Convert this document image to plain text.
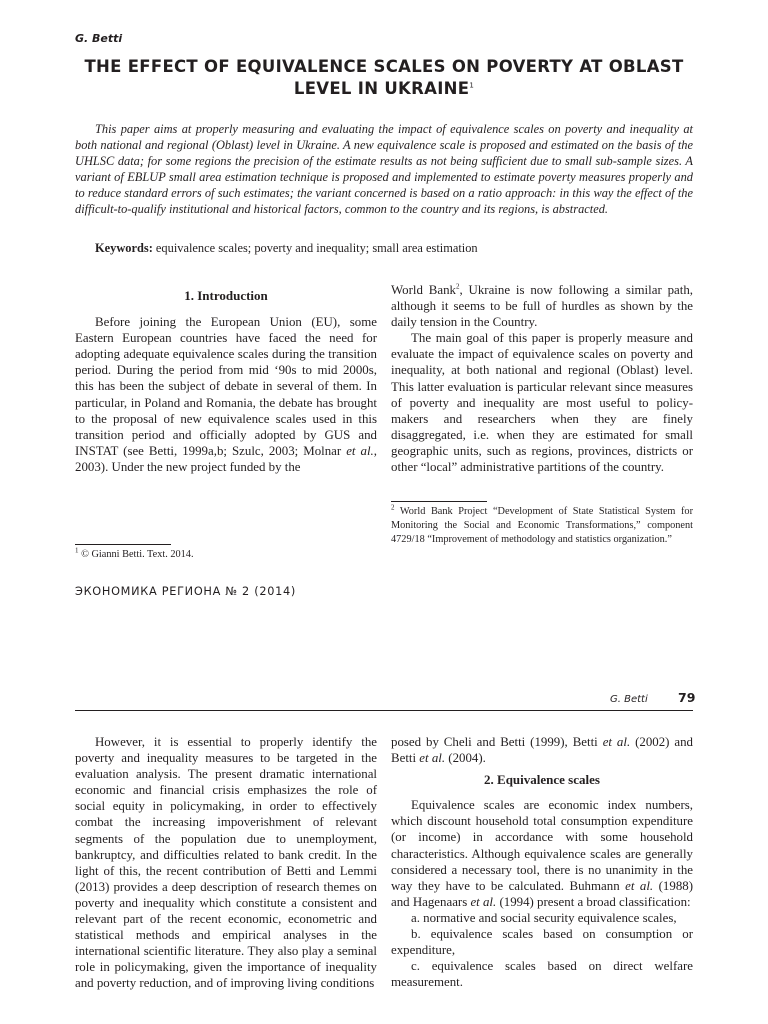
G. Betti
THE EFFECT OF EQUIVALENCE SCALES ON POVERTY AT OBLAST
LEVEL IN UKRAINE$^1$
This paper aims at properly measuring and evaluating the impact of equivalence scales on poverty and inequality at both national and regional (Oblast) level in Ukraine. A new equivalence scale is proposed and estimated on the basis of the UHLSC data; for some regions the precision of the estimate results as not being sufficient due to small sub-sample sizes. A variant of EBLUP small area estimation technique is proposed and implemented to estimate poverty measures properly and to reduce standard errors of such estimates; the variant concerned is based on a ratio approach: in this way the effect of the difficult-to-qualify institutional and historical factors, common to the country and its regions, is abstracted.
Keywords: equivalence scales; poverty and inequality; small area estimation
1. Introduction

Before joining the European Union (EU), some Eastern European countries have faced the need for adopting adequate equivalence scales during the transition period. During the period from mid ‘90s to mid 2000s, this has been the subject of debate in several of them. In particular, in Poland and Romania, the debate has brought to the proposal of new equivalence scales used in this transition period and officially adopted by GUS and INSTAT (see Betti, 1999a,b; Szulc, 2003; Molnar et al., 2003). Under the new project funded by the

$^1$ © Gianni Betti. Text. 2014.

World Bank$^2$, Ukraine is now following a similar path, although it seems to be full of hurdles as shown by the daily tension in the Country.

The main goal of this paper is properly measure and evaluate the impact of equivalence scales on poverty and inequality, at both national and regional (Oblast) level. This latter evaluation is particular relevant since measures of poverty and inequality are most useful to policy-makers and researchers when they are finely disaggregated, i.e. when they are estimated for small geographic units, such as regions, provinces, districts or other “local” administrative partitions of the country.

$^2$ World Bank Project “Development of State Statistical System for Monitoring the Social and Economic Transformations,” component 4729/18 “Improvement of methodology and statistics organization.”
ЭКОНОМИКА РЕГИОНА № 2 (2014)
G. Betti 79

However, it is essential to properly identify the poverty and inequality measures to be targeted in the evaluation analysis. The present dramatic international economic and financial crisis emphasizes the role of social equity in policymaking, in order to effectively combat the increasing impoverishment of relevant segments of the population due to unemployment, bankruptcy, and difficulties related to bank credit. In the light of this, the recent contribution of Betti and Lemmi (2013) provides a deep description of research themes on poverty and inequality which constitute a consistent and relevant part of the recent economic, econometric and statistical methods and empirical analyses in the international scientific literature. They also play a seminal role in policymaking, given the importance of inequality and poverty reduction, and of improving living conditions

posed by Cheli and Betti (1999), Betti et al. (2002) and Betti et al. (2004).

2. Equivalence scales

Equivalence scales are economic index numbers, which discount household total consumption expenditure (or income) in accordance with some household characteristics. Although equivalence scales are generally considered a necessary tool, there is no unanimity in the way they have to be calculated. Buhmann et al. (1988) and Hagenaars et al. (1994) present a broad classification:

a. normative and social security equivalence scales,

b. equivalence scales based on consumption or expenditure,

c. equivalence scales based on direct welfare measurement.
